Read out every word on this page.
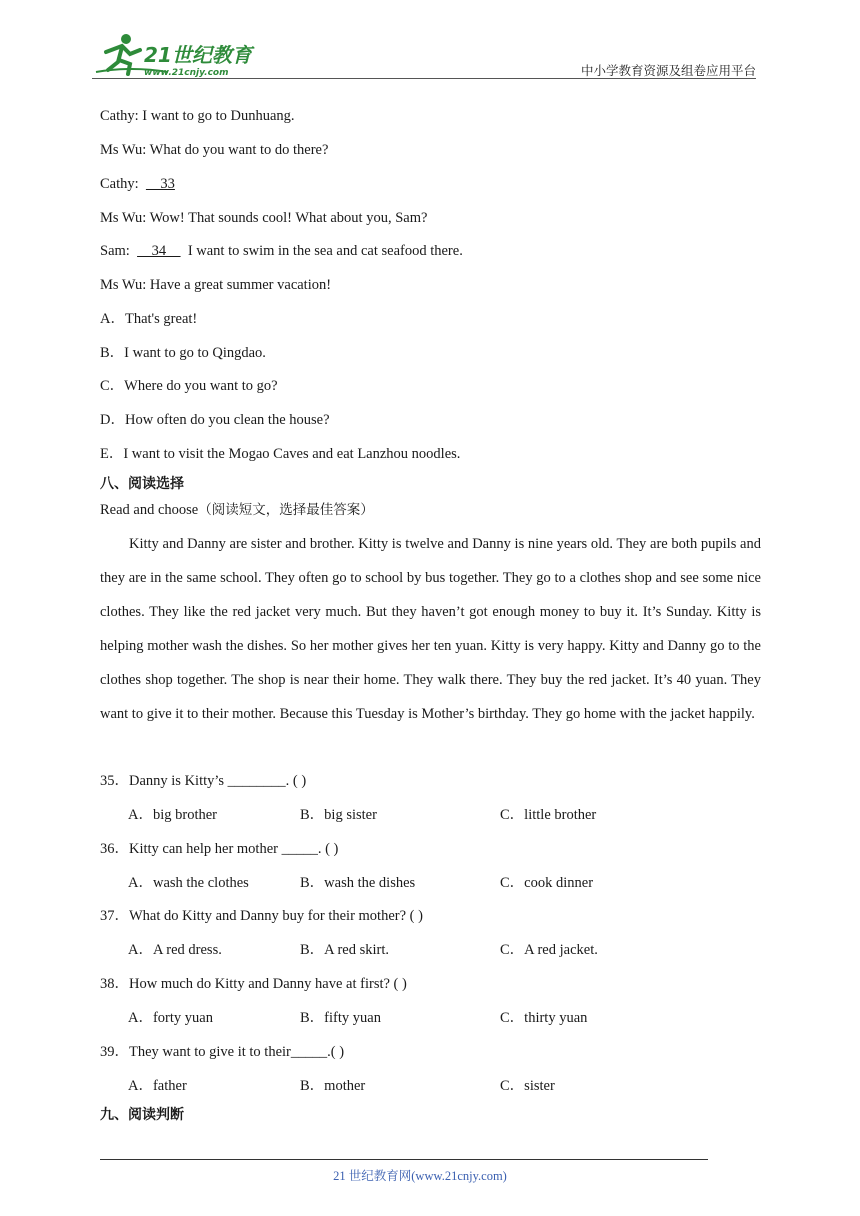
21世纪教育
www.21cnjy.com	中小学教育资源及组卷应用平台
Cathy: I want to go to Dunhuang.
Ms Wu: What do you want to do there?
Cathy:      33
Ms Wu: Wow! That sounds cool! What about you, Sam?
Sam:      34      I want to swim in the sea and cat seafood there.
Ms Wu: Have a great summer vacation!
A．That's great!
B．I want to go to Qingdao.
C．Where do you want to go?
D．How often do you clean the house?
E．I want to visit the Mogao Caves and eat Lanzhou noodles.
八、阅读选择
Read and choose（阅读短文，选择最佳答案）
Kitty and Danny are sister and brother. Kitty is twelve and Danny is nine years old. They are both pupils and they are in the same school. They often go to school by bus together. They go to a clothes shop and see some nice clothes. They like the red jacket very much. But they haven’t got enough money to buy it. It’s Sunday. Kitty is helping mother wash the dishes. So her mother gives her ten yuan. Kitty is very happy. Kitty and Danny go to the clothes shop together. The shop is near their home. They walk there. They buy the red jacket. It’s 40 yuan. They want to give it to their mother. Because this Tuesday is Mother’s birthday. They go home with the jacket happily.
35．Danny is Kitty’s ________. ( )
A．big brother	B．big sister	C．little brother
36．Kitty can help her mother _____. ( )
A．wash the clothes	B．wash the dishes	C．cook dinner
37．What do Kitty and Danny buy for their mother? ( )
A．A red dress.	B．A red skirt.	C．A red jacket.
38．How much do Kitty and Danny have at first? ( )
A．forty yuan	B．fifty yuan	C．thirty yuan
39．They want to give it to their_____.( )
A．father	B．mother	C．sister
九、阅读判断
21 世纪教育网(www.21cnjy.com)
